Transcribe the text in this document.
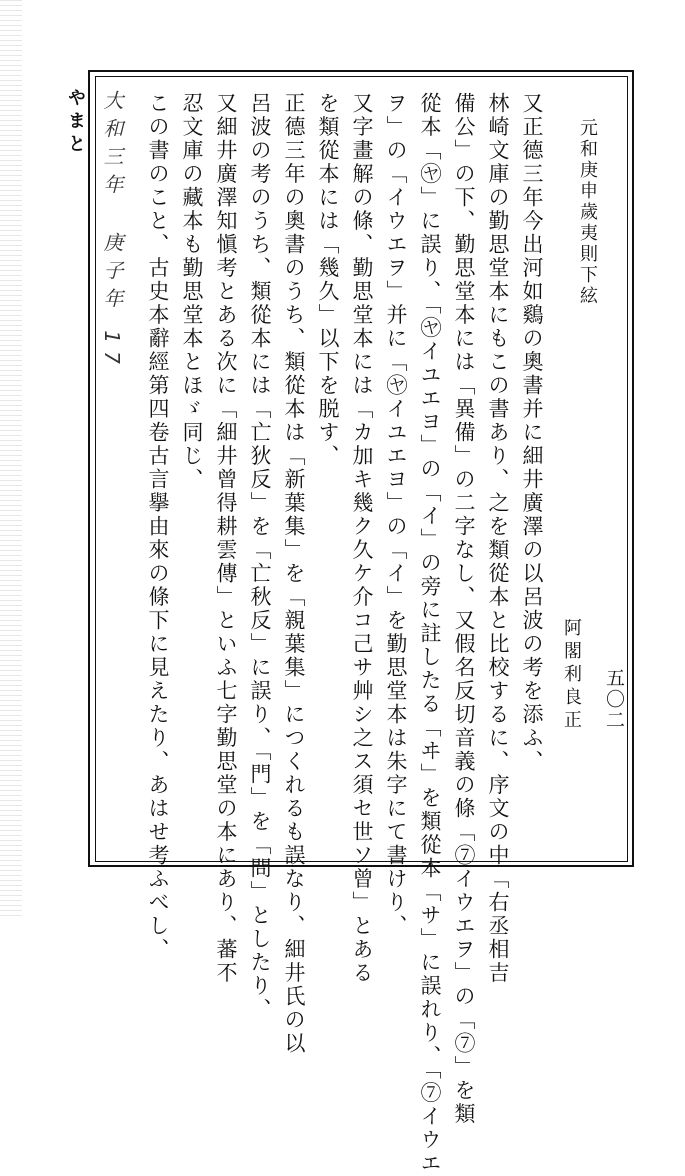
やまと
五〇二
大和三年
庚子年 17	元和庚申歲夷則下絃
阿閣利良正
又正德三年今出河如鷄の奧書并に細井廣澤の以呂波の考を添ふ、
林崎文庫の勤思堂本にもこの書あり、之を類從本と比校するに、序文の中「右丞相吉
備公」の下、勤思堂本には「異備」の二字なし、又假名反切音義の條「⑦イウエヲ」の「⑦」を類
從本「㋳」に誤り、「㋳イユエヨ」の「イ」の旁に註したる「ヰ」を類從本「サ」に誤れり、「⑦イウエ
ヲ」の「イウエヲ」并に「㋳イユエヨ」の「イ」を勤思堂本は朱字にて書けり、
又字畫解の條、勤思堂本には「カ加キ幾ク久ケ介コ己サ艸シ之ス須セ世ソ曾」とある
を類從本には「幾久」以下を脱す、
正德三年の奧書のうち、類從本は「新葉集」を「親葉集」につくれるも誤なり、細井氏の以
呂波の考のうち、類從本には「亡狄反」を「亡秋反」に誤り、「門」を「問」としたり、
又細井廣澤知愼考とある次に「細井曾得耕雲傳」といふ七字勤思堂の本にあり、蕃不
忍文庫の藏本も勤思堂本とほゞ同じ、
この書のこと、古史本辭經第四卷古言擧由來の條下に見えたり、あはせ考ふべし、
